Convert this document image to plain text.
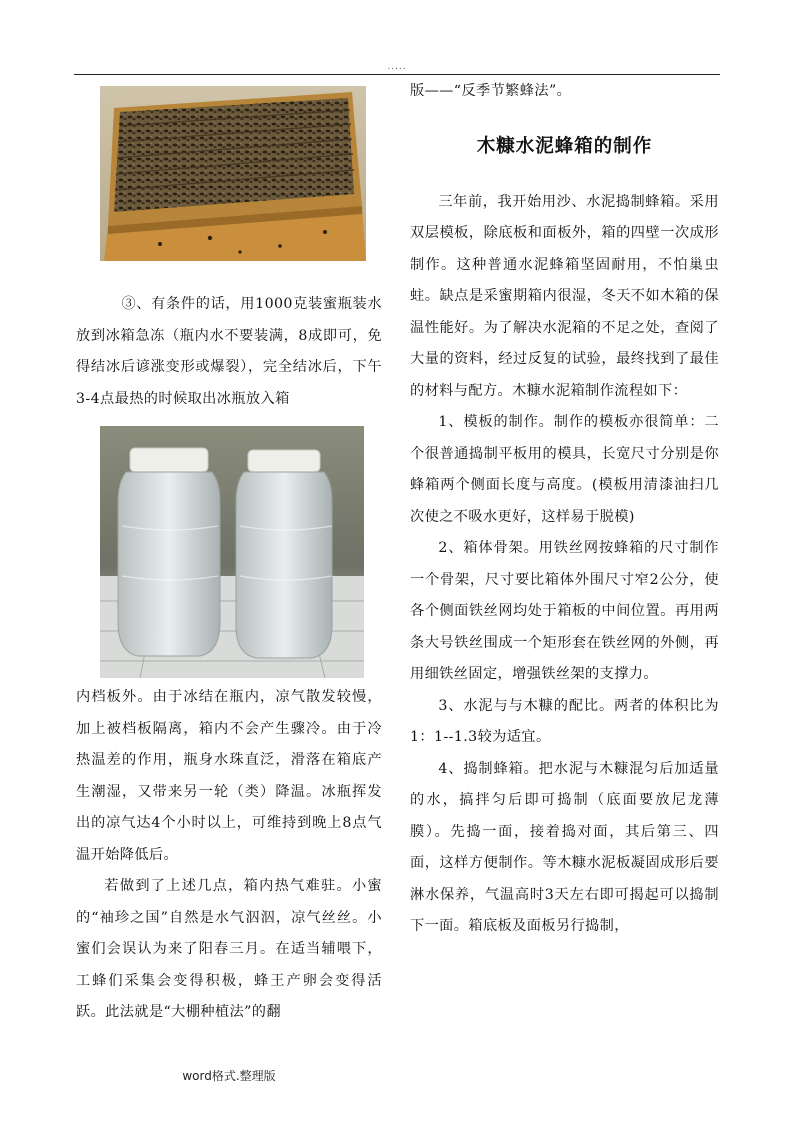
.....

③、有条件的话，用1000克装蜜瓶装水放到冰箱急冻（瓶内水不要装满，8成即可，免得结冰后谚涨变形或爆裂），完全结冰后，下午3-4点最热的时候取出冰瓶放入箱

内档板外。由于冰结在瓶内，凉气散发较慢，加上被档板隔离，箱内不会产生骤冷。由于冷热温差的作用，瓶身水珠直泛，滑落在箱底产生潮湿，又带来另一轮（类）降温。冰瓶挥发出的凉气达4个小时以上，可维持到晚上8点气温开始降低后。

若做到了上述几点，箱内热气难驻。小蜜的“袖珍之国”自然是水气泅泅，凉气丝丝。小蜜们会误认为来了阳春三月。在适当辅喂下，工蜂们采集会变得积极，蜂王产卵会变得活跃。此法就是“大棚种植法”的翻

版——“反季节繁蜂法”。

木糠水泥蜂箱的制作

三年前，我开始用沙、水泥捣制蜂箱。采用双层模板，除底板和面板外，箱的四壁一次成形制作。这种普通水泥蜂箱坚固耐用，不怕巢虫蛀。缺点是采蜜期箱内很湿，冬天不如木箱的保温性能好。为了解决水泥箱的不足之处，查阅了大量的资料，经过反复的试验，最终找到了最佳的材料与配方。木糠水泥箱制作流程如下：

1、模板的制作。制作的模板亦很简单：二个很普通捣制平板用的模具，长宽尺寸分别是你蜂箱两个侧面长度与高度。(模板用清漆油扫几次使之不吸水更好，这样易于脱模)

2、箱体骨架。用铁丝网按蜂箱的尺寸制作一个骨架，尺寸要比箱体外围尺寸窄2公分，使各个侧面铁丝网均处于箱板的中间位置。再用两条大号铁丝围成一个矩形套在铁丝网的外侧，再用细铁丝固定，增强铁丝架的支撑力。

3、水泥与与木糠的配比。两者的体积比为1：1--1.3较为适宜。

4、捣制蜂箱。把水泥与木糠混匀后加适量的水，搞拌匀后即可捣制（底面要放尼龙薄膜）。先捣一面，接着捣对面，其后第三、四面，这样方便制作。等木糠水泥板凝固成形后要淋水保养，气温高时3天左右即可揭起可以捣制下一面。箱底板及面板另行捣制，

word格式.整理版
